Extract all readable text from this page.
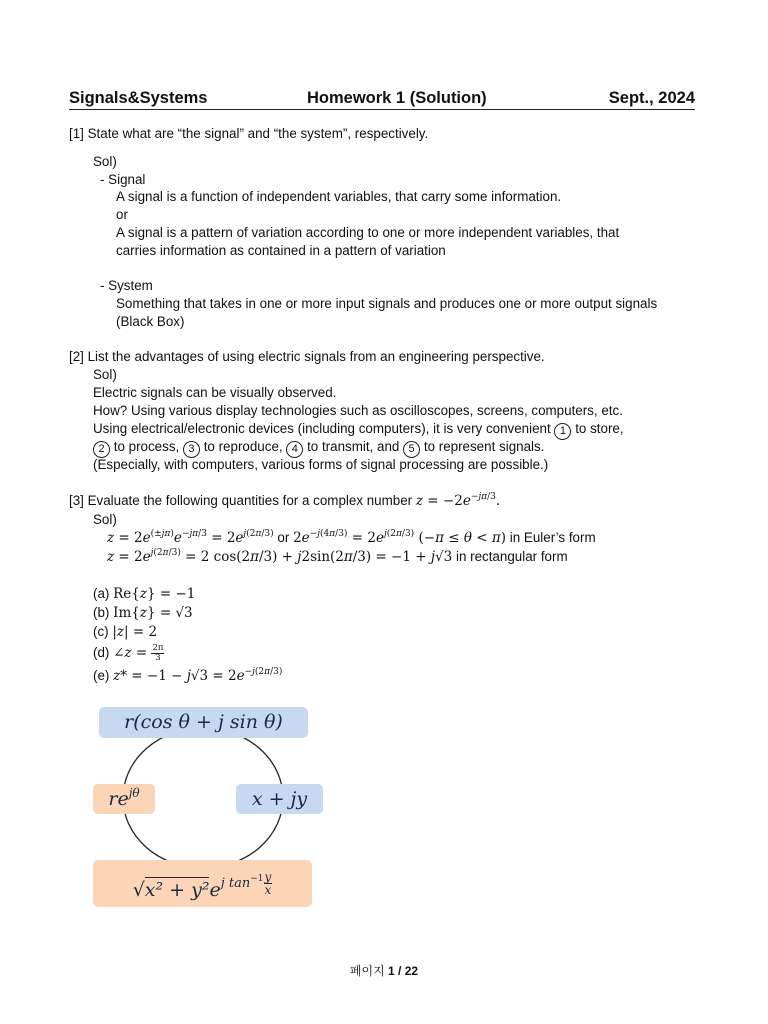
Signals&Systems	Homework 1 (Solution)	Sept., 2024
[1] State what are “the signal” and “the system”, respectively.
Sol)
- Signal
A signal is a function of independent variables, that carry some information.
or
A signal is a pattern of variation according to one or more independent variables, that
carries information as contained in a pattern of variation
- System
Something that takes in one or more input signals and produces one or more output signals
(Black Box)
[2] List the advantages of using electric signals from an engineering perspective.
Sol)
Electric signals can be visually observed.
How? Using various display technologies such as oscilloscopes, screens, computers, etc.
Using electrical/electronic devices (including computers), it is very convenient 1 to store,
2 to process, 3 to reproduce, 4 to transmit, and 5 to represent signals.
(Especially, with computers, various forms of signal processing are possible.)
[3] Evaluate the following quantities for a complex number $z = -2e^{-j\pi/3}$.
Sol)
$z = 2e^{(\pm j\pi)}e^{-j\pi/3} = 2e^{j(2\pi/3)}$ or $2e^{-j(4\pi/3)} = 2e^{j(2\pi/3)}$ (−π ≤ θ < π) in Euler’s form
$z = 2e^{j(2\pi/3)} = 2$ cos(2π/3) + j2sin(2π/3) = −1 + j√3 in rectangular form
(a) Re{z} = −1
(b) Im{z} = √3
(c) |z| = 2
(d) ∠z = $\frac{2\pi}{3}$
(e) $z* = -1 - j√3 = 2e^{-j(2\pi/3)}$
r(cos θ + j sin θ)
$re^{j\theta}$	x + jy
$√x^2 + y^2e^{j tan^{-1} \frac{y}{x}}$
페이지 1 / 22
